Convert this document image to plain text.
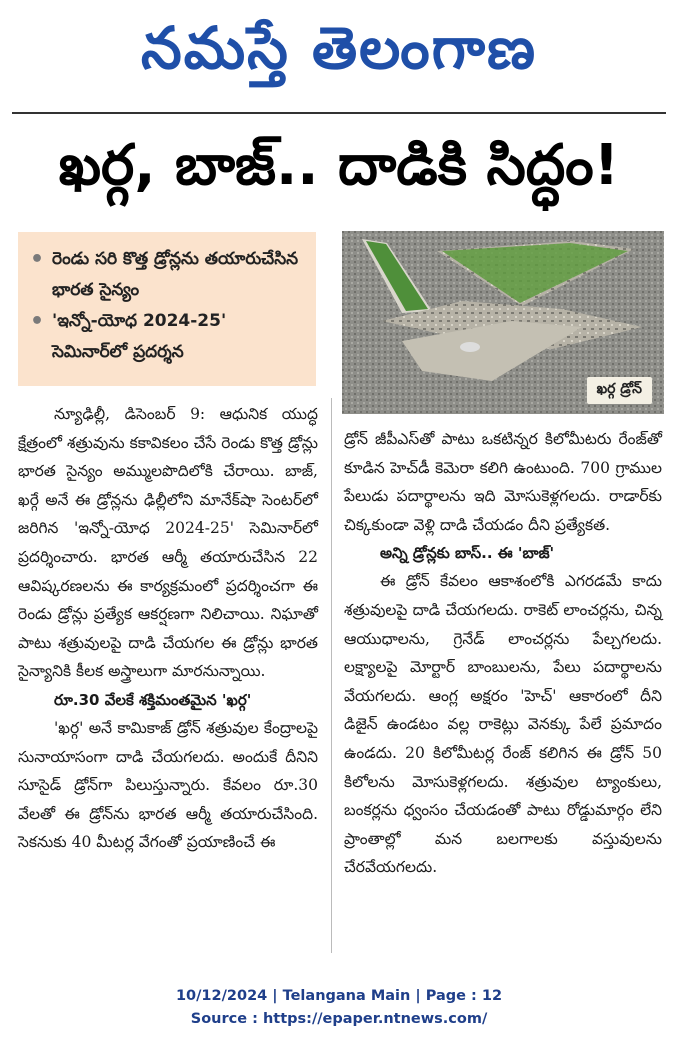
నమస్తే తెలంగాణ
ఖర్గ, బాజ్.. దాడికి సిద్ధం!
• రెండు సరి కొత్త డ్రోన్లను తయారుచేసిన భారత సైన్యం
• 'ఇన్నో-యోధ 2024-25' సెమినార్‌లో ప్రదర్శన
ఖర్గ డ్రోన్

న్యూఢిల్లీ, డిసెంబర్ 9: ఆధునిక యుద్ధ క్షేత్రంలో శత్రువును కకావికలం చేసే రెండు కొత్త డ్రోన్లు భారత సైన్యం అమ్ములపొదిలోకి చేరాయి. బాజ్, ఖర్గే అనే ఈ డ్రోన్లను ఢిల్లీలోని మానేక్‌షా సెంటర్‌లో జరిగిన 'ఇన్నో-యోధ 2024-25' సెమినార్‌లో ప్రదర్శించారు. భారత ఆర్మీ తయారుచేసిన 22 ఆవిష్కరణలను ఈ కార్యక్రమంలో ప్రదర్శించగా ఈ రెండు డ్రోన్లు ప్రత్యేక ఆకర్షణగా నిలిచాయి. నిఘాతో పాటు శత్రువులపై దాడి చేయగల ఈ డ్రోన్లు భారత సైన్యానికి కీలక అస్త్రాలుగా మారనున్నాయి.

రూ.30 వేలకే శక్తిమంతమైన 'ఖర్గ'

'ఖర్గ' అనే కామికాజ్ డ్రోన్ శత్రువుల కేంద్రాలపై సునాయాసంగా దాడి చేయగలదు. అందుకే దీనిని సూసైడ్ డ్రోన్‌గా పిలుస్తున్నారు. కేవలం రూ.30 వేలతో ఈ డ్రోన్‌ను భారత ఆర్మీ తయారుచేసింది. సెకనుకు 40 మీటర్ల వేగంతో ప్రయాణించే ఈ

డ్రోన్ జీపీఎస్‌తో పాటు ఒకటిన్నర కిలోమీటరు రేంజ్‌తో కూడిన హెచ్‌డీ కెమెరా కలిగి ఉంటుంది. 700 గ్రాముల పేలుడు పదార్థాలను ఇది మోసుకెళ్లగలదు. రాడార్‌కు చిక్కకుండా వెళ్లి దాడి చేయడం దీని ప్రత్యేకత.

అన్ని డ్రోన్లకు బాస్.. ఈ 'బాజ్'

ఈ డ్రోన్ కేవలం ఆకాశంలోకి ఎగరడమే కాదు శత్రువులపై దాడి చేయగలదు. రాకెట్ లాంచర్లను, చిన్న ఆయుధాలను, గ్రెనేడ్ లాంచర్లను పేల్చగలదు. లక్ష్యాలపై మోర్టార్ బాంబులను, పేలు పదార్థాలను వేయగలదు. ఆంగ్ల అక్షరం 'హెచ్' ఆకారంలో దీని డిజైన్ ఉండటం వల్ల రాకెట్లు వెనక్కు పేలే ప్రమాదం ఉండదు. 20 కిలోమీటర్ల రేంజ్ కలిగిన ఈ డ్రోన్ 50 కిలోలను మోసుకెళ్లగలదు. శత్రువుల ట్యాంకులు, బంకర్లను ధ్వంసం చేయడంతో పాటు రోడ్డుమార్గం లేని ప్రాంతాల్లో మన బలగాలకు వస్తువులను చేరవేయగలదు.

10/12/2024 | Telangana Main | Page : 12
Source : https://epaper.ntnews.com/
